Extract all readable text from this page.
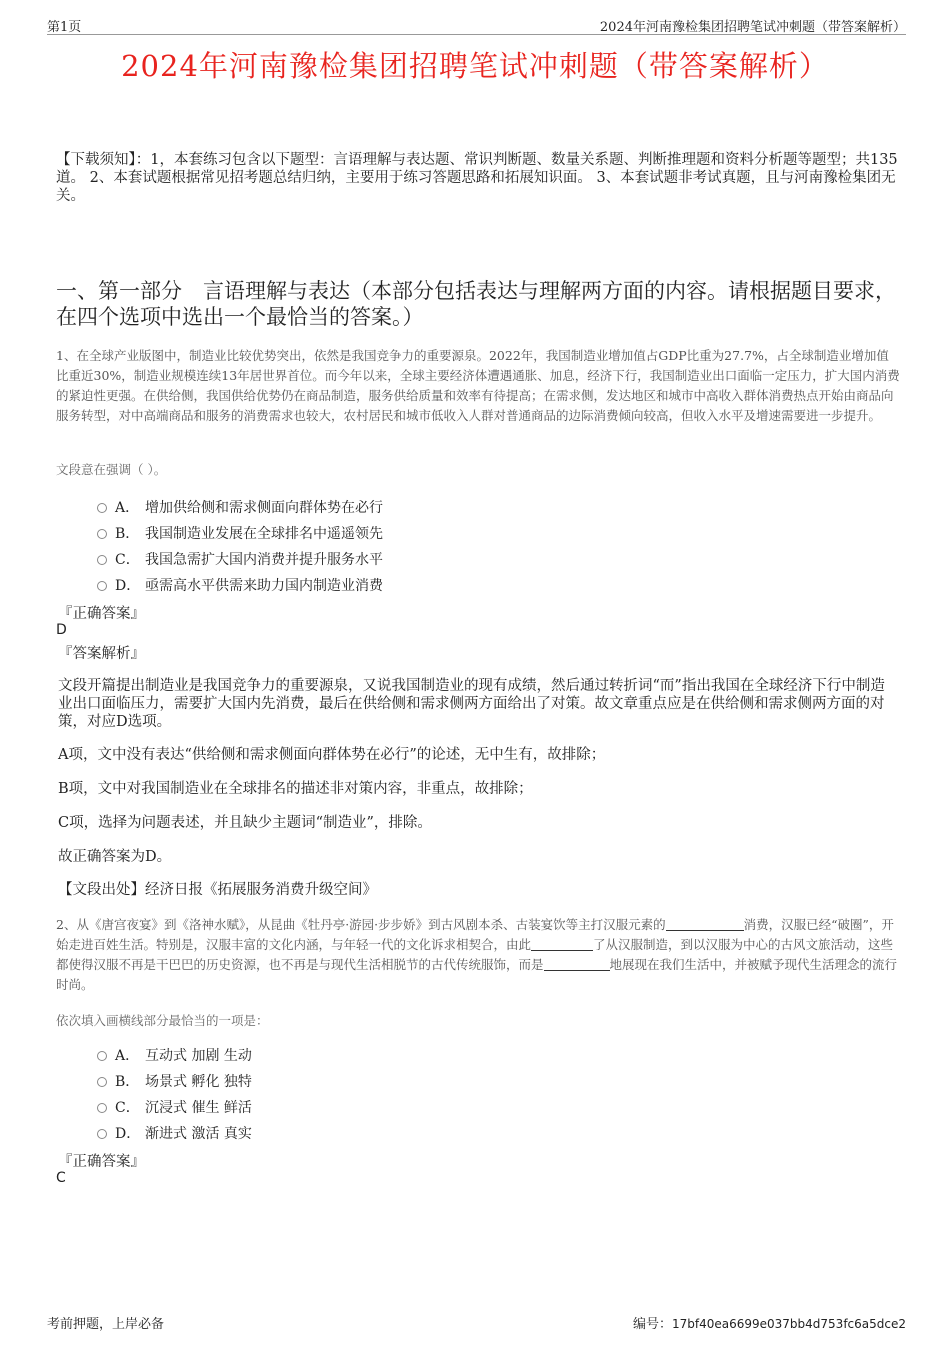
第1页	2024年河南豫检集团招聘笔试冲刺题（带答案解析）
2024年河南豫检集团招聘笔试冲刺题（带答案解析）
【下载须知】：1，本套练习包含以下题型：言语理解与表达题、常识判断题、数量关系题、判断推理题和资料分析题等题型；共135道。 2、本套试题根据常见招考题总结归纳，主要用于练习答题思路和拓展知识面。 3、本套试题非考试真题，且与河南豫检集团无关。
一、第一部分　言语理解与表达（本部分包括表达与理解两方面的内容。请根据题目要求，在四个选项中选出一个最恰当的答案。）
1、在全球产业版图中，制造业比较优势突出，依然是我国竞争力的重要源泉。2022年，我国制造业增加值占GDP比重为27.7%，占全球制造业增加值比重近30%，制造业规模连续13年居世界首位。而今年以来，全球主要经济体遭遇通胀、加息，经济下行，我国制造业出口面临一定压力，扩大国内消费的紧迫性更强。在供给侧，我国供给优势仍在商品制造，服务供给质量和效率有待提高；在需求侧，发达地区和城市中高收入群体消费热点开始由商品向服务转型，对中高端商品和服务的消费需求也较大，农村居民和城市低收入人群对普通商品的边际消费倾向较高，但收入水平及增速需要进一步提升。
文段意在强调（ ）。
A． 增加供给侧和需求侧面向群体势在必行
B． 我国制造业发展在全球排名中遥遥领先
C． 我国急需扩大国内消费并提升服务水平
D． 亟需高水平供需来助力国内制造业消费
『正确答案』
D
『答案解析』
文段开篇提出制造业是我国竞争力的重要源泉，又说我国制造业的现有成绩，然后通过转折词“而”指出我国在全球经济下行中制造业出口面临压力，需要扩大国内先消费，最后在供给侧和需求侧两方面给出了对策。故文章重点应是在供给侧和需求侧两方面的对策，对应D选项。
A项，文中没有表达“供给侧和需求侧面向群体势在必行”的论述，无中生有，故排除；
B项，文中对我国制造业在全球排名的描述非对策内容，非重点，故排除；
C项，选择为问题表述，并且缺少主题词“制造业”，排除。
故正确答案为D。
【文段出处】经济日报《拓展服务消费升级空间》
2、从《唐宫夜宴》到《洛神水赋》，从昆曲《牡丹亭·游园·步步娇》到古风剧本杀、古装宴饮等主打汉服元素的	消费，汉服已经“破圈”，开始走进百姓生活。特别是，汉服丰富的文化内涵，与年轻一代的文化诉求相契合，由此	了从汉服制造，到以汉服为中心的古风文旅活动，这些都使得汉服不再是干巴巴的历史资源，也不再是与现代生活相脱节的古代传统服饰，而是	地展现在我们生活中，并被赋予现代生活理念的流行时尚。
依次填入画横线部分最恰当的一项是：
A． 互动式 加剧 生动
B． 场景式 孵化 独特
C． 沉浸式 催生 鲜活
D． 渐进式 激活 真实
『正确答案』
C
考前押题，上岸必备	编号：17bf40ea6699e037bb4d753fc6a5dce2
